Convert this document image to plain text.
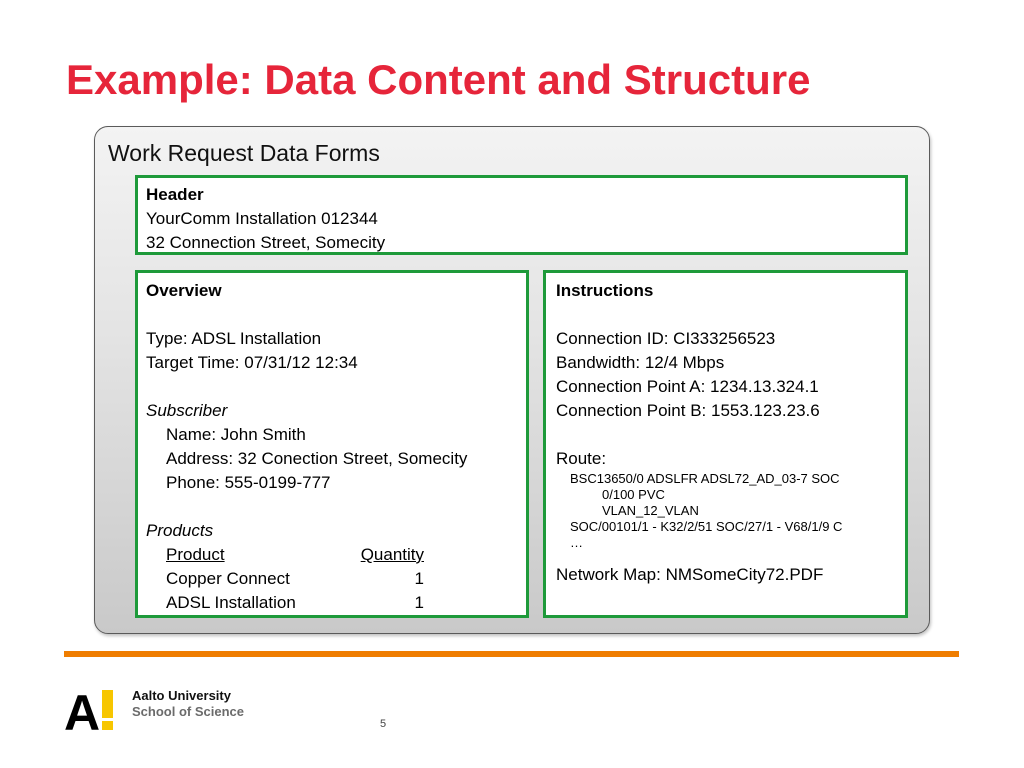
Example: Data Content and Structure
Work Request Data Forms
Header
YourComm Installation 012344
32 Connection Street, Somecity
Overview
Type: ADSL Installation
Target Time: 07/31/12 12:34
Subscriber
Name: John Smith
Address: 32 Conection Street, Somecity
Phone: 555-0199-777
Products
Product	Quantity
Copper Connect	1
ADSL Installation	1
Instructions
Connection ID: CI333256523
Bandwidth: 12/4 Mbps
Connection Point A: 1234.13.324.1
Connection Point B: 1553.123.23.6
Route:
BSC13650/0 ADSLFR ADSL72_AD_03-7 SOC
0/100 PVC
VLAN_12_VLAN
SOC/00101/1 - K32/2/51 SOC/27/1 - V68/1/9 C
…
Network Map: NMSomeCity72.PDF
A Aalto University
School of Science
5
